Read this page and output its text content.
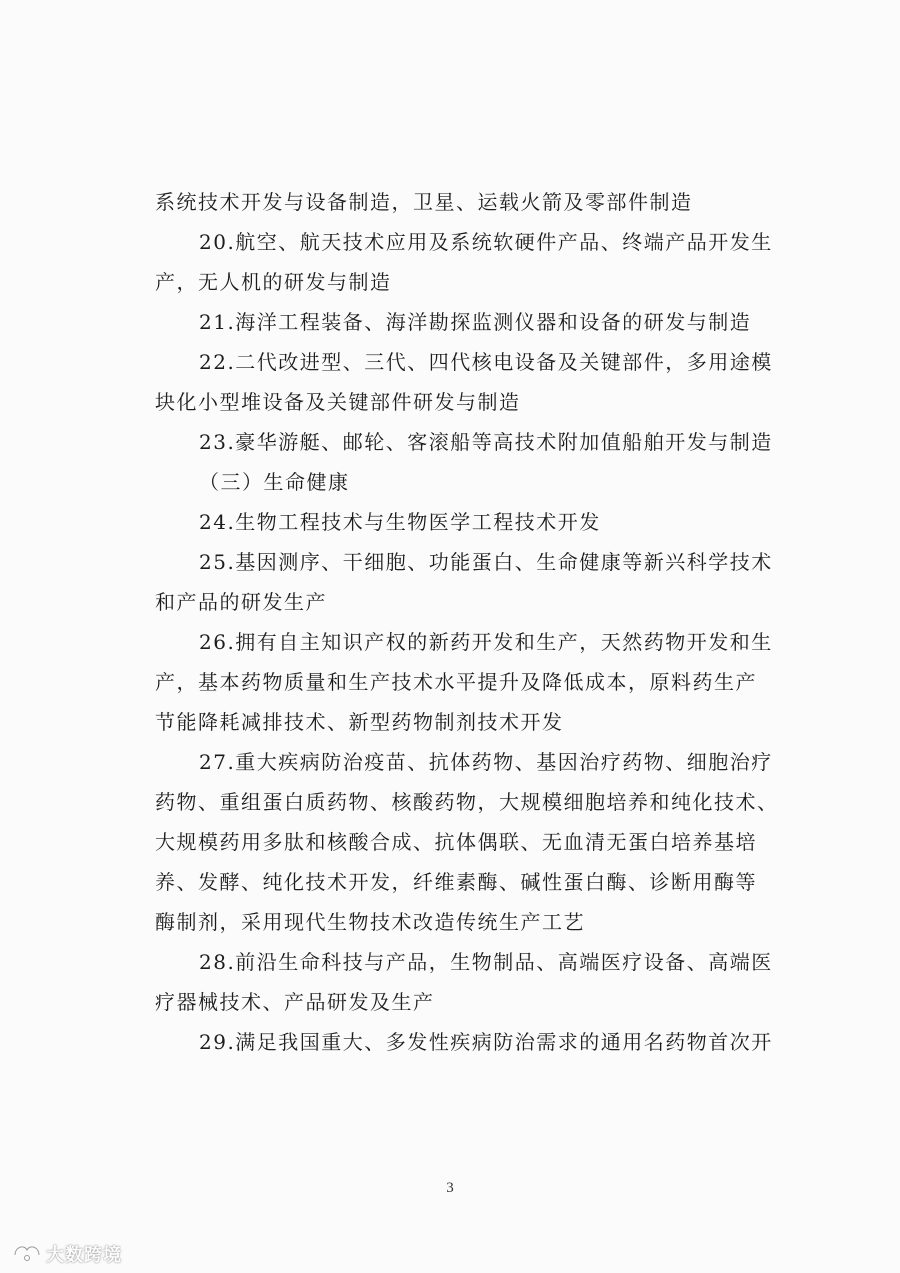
系统技术开发与设备制造，卫星、运载火箭及零部件制造
20.航空、航天技术应用及系统软硬件产品、终端产品开发生
产，无人机的研发与制造
21.海洋工程装备、海洋勘探监测仪器和设备的研发与制造
22.二代改进型、三代、四代核电设备及关键部件，多用途模
块化小型堆设备及关键部件研发与制造
23.豪华游艇、邮轮、客滚船等高技术附加值船舶开发与制造
（三）生命健康
24.生物工程技术与生物医学工程技术开发
25.基因测序、干细胞、功能蛋白、生命健康等新兴科学技术
和产品的研发生产
26.拥有自主知识产权的新药开发和生产，天然药物开发和生
产，基本药物质量和生产技术水平提升及降低成本，原料药生产
节能降耗减排技术、新型药物制剂技术开发
27.重大疾病防治疫苗、抗体药物、基因治疗药物、细胞治疗
药物、重组蛋白质药物、核酸药物，大规模细胞培养和纯化技术、
大规模药用多肽和核酸合成、抗体偶联、无血清无蛋白培养基培
养、发酵、纯化技术开发，纤维素酶、碱性蛋白酶、诊断用酶等
酶制剂，采用现代生物技术改造传统生产工艺
28.前沿生命科技与产品，生物制品、高端医疗设备、高端医
疗器械技术、产品研发及生产
29.满足我国重大、多发性疾病防治需求的通用名药物首次开
3
大数跨境
